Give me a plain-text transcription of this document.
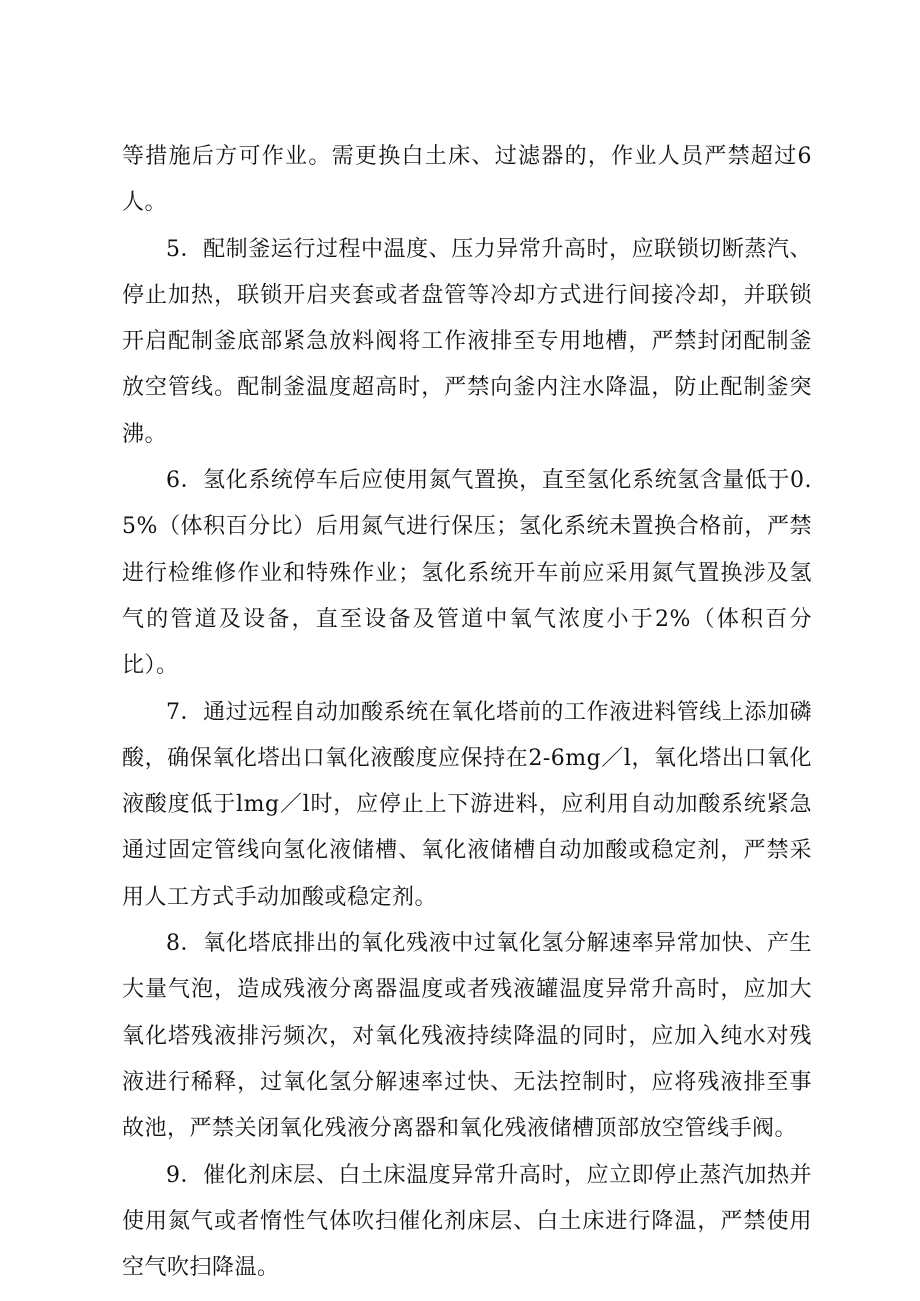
等措施后方可作业。需更换白土床、过滤器的，作业人员严禁超过6人。

5．配制釜运行过程中温度、压力异常升高时，应联锁切断蒸汽、停止加热，联锁开启夹套或者盘管等冷却方式进行间接冷却，并联锁开启配制釜底部紧急放料阀将工作液排至专用地槽，严禁封闭配制釜放空管线。配制釜温度超高时，严禁向釜内注水降温，防止配制釜突沸。

6．氢化系统停车后应使用氮气置换，直至氢化系统氢含量低于0.5%（体积百分比）后用氮气进行保压；氢化系统未置换合格前，严禁进行检维修作业和特殊作业；氢化系统开车前应采用氮气置换涉及氢气的管道及设备，直至设备及管道中氧气浓度小于2%（体积百分比）。

7．通过远程自动加酸系统在氧化塔前的工作液进料管线上添加磷酸，确保氧化塔出口氧化液酸度应保持在2-6mg／l，氧化塔出口氧化液酸度低于lmg／l时，应停止上下游进料，应利用自动加酸系统紧急通过固定管线向氢化液储槽、氧化液储槽自动加酸或稳定剂，严禁采用人工方式手动加酸或稳定剂。

8．氧化塔底排出的氧化残液中过氧化氢分解速率异常加快、产生大量气泡，造成残液分离器温度或者残液罐温度异常升高时，应加大氧化塔残液排污频次，对氧化残液持续降温的同时，应加入纯水对残液进行稀释，过氧化氢分解速率过快、无法控制时，应将残液排至事故池，严禁关闭氧化残液分离器和氧化残液储槽顶部放空管线手阀。

9．催化剂床层、白土床温度异常升高时，应立即停止蒸汽加热并使用氮气或者惰性气体吹扫催化剂床层、白土床进行降温，严禁使用空气吹扫降温。
